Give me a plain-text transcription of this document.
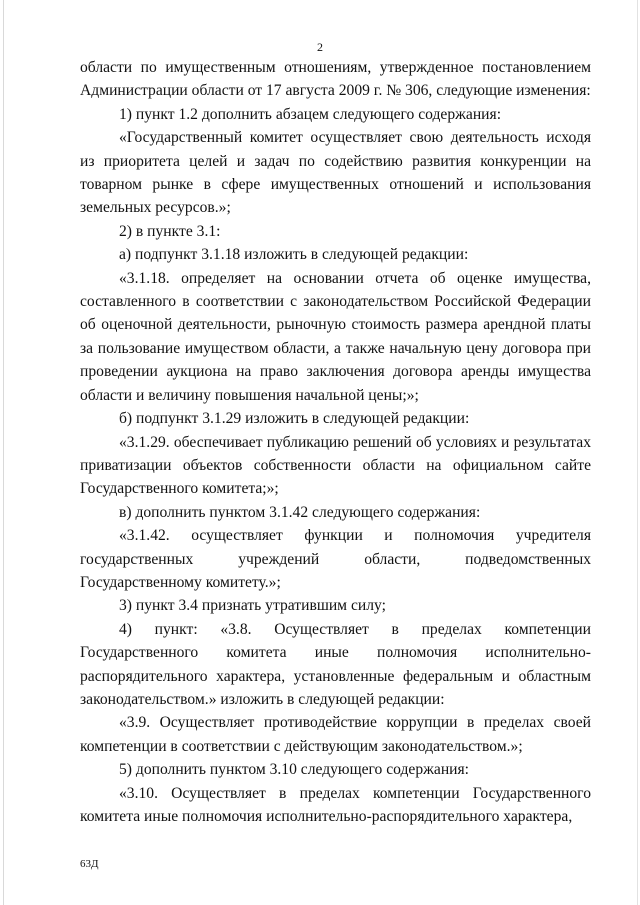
2

области по имущественным отношениям, утвержденное постановлением Администрации области от 17 августа 2009 г. № 306, следующие изменения:

1) пункт 1.2 дополнить абзацем следующего содержания:

«Государственный комитет осуществляет свою деятельность исходя из приоритета целей и задач по содействию развития конкуренции на товарном рынке в сфере имущественных отношений и использования земельных ресурсов.»;

2) в пункте 3.1:

а) подпункт 3.1.18 изложить в следующей редакции:

«3.1.18. определяет на основании отчета об оценке имущества, составленного в соответствии с законодательством Российской Федерации об оценочной деятельности, рыночную стоимость размера арендной платы за пользование имуществом области, а также начальную цену договора при проведении аукциона на право заключения договора аренды имущества области и величину повышения начальной цены;»;

б) подпункт 3.1.29 изложить в следующей редакции:

«3.1.29. обеспечивает публикацию решений об условиях и результатах приватизации объектов собственности области на официальном сайте Государственного комитета;»;

в) дополнить пунктом 3.1.42 следующего содержания:

«3.1.42. осуществляет функции и полномочия учредителя государственных учреждений области, подведомственных Государственному комитету.»;

3) пункт 3.4 признать утратившим силу;

4) пункт: «3.8. Осуществляет в пределах компетенции Государственного комитета иные полномочия исполнительно-распорядительного характера, установленные федеральным и областным законодательством.» изложить в следующей редакции:

«3.9. Осуществляет противодействие коррупции в пределах своей компетенции в соответствии с действующим законодательством.»;

5) дополнить пунктом 3.10 следующего содержания:

«3.10. Осуществляет в пределах компетенции Государственного комитета иные полномочия исполнительно-распорядительного характера,

63Д
